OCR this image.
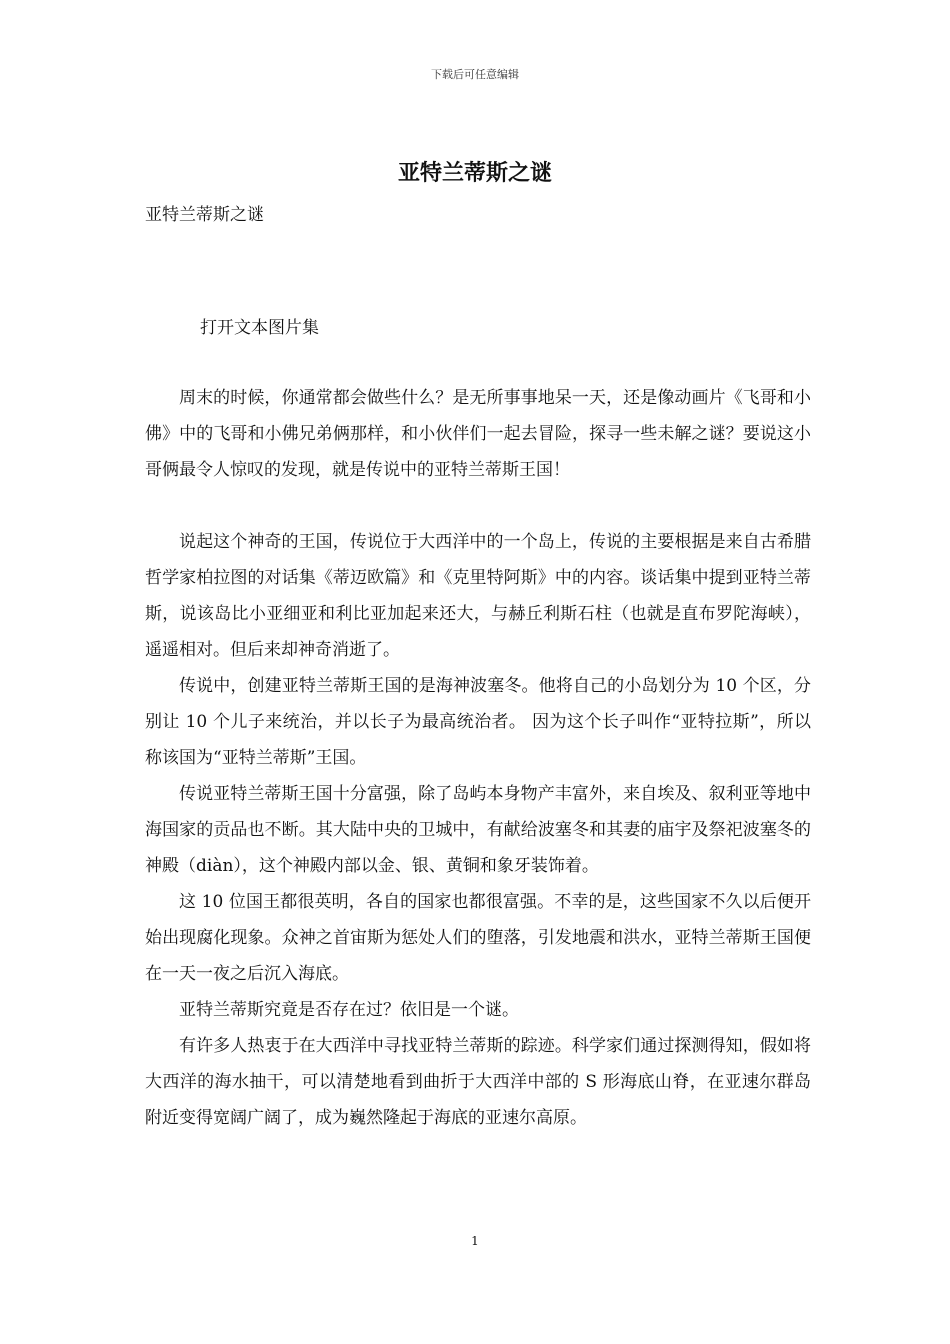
下载后可任意编辑
亚特兰蒂斯之谜
亚特兰蒂斯之谜
打开文本图片集

周末的时候，你通常都会做些什么？是无所事事地呆一天，还是像动画片《飞哥和小佛》中的飞哥和小佛兄弟俩那样，和小伙伴们一起去冒险，探寻一些未解之谜？要说这小哥俩最令人惊叹的发现，就是传说中的亚特兰蒂斯王国！

说起这个神奇的王国，传说位于大西洋中的一个岛上，传说的主要根据是来自古希腊哲学家柏拉图的对话集《蒂迈欧篇》和《克里特阿斯》中的内容。谈话集中提到亚特兰蒂斯，说该岛比小亚细亚和利比亚加起来还大，与赫丘利斯石柱（也就是直布罗陀海峡），遥遥相对。但后来却神奇消逝了。

传说中，创建亚特兰蒂斯王国的是海神波塞冬。他将自己的小岛划分为 10 个区，分别让 10 个儿子来统治，并以长子为最高统治者。 因为这个长子叫作“亚特拉斯”，所以称该国为“亚特兰蒂斯”王国。

传说亚特兰蒂斯王国十分富强，除了岛屿本身物产丰富外，来自埃及、叙利亚等地中海国家的贡品也不断。其大陆中央的卫城中，有献给波塞冬和其妻的庙宇及祭祀波塞冬的神殿（diàn），这个神殿内部以金、银、黄铜和象牙装饰着。

这 10 位国王都很英明，各自的国家也都很富强。不幸的是，这些国家不久以后便开始出现腐化现象。众神之首宙斯为惩处人们的堕落，引发地震和洪水，亚特兰蒂斯王国便在一天一夜之后沉入海底。

亚特兰蒂斯究竟是否存在过？依旧是一个谜。

有许多人热衷于在大西洋中寻找亚特兰蒂斯的踪迹。科学家们通过探测得知，假如将大西洋的海水抽干，可以清楚地看到曲折于大西洋中部的 S 形海底山脊，在亚速尔群岛附近变得宽阔广阔了，成为巍然隆起于海底的亚速尔高原。

1
